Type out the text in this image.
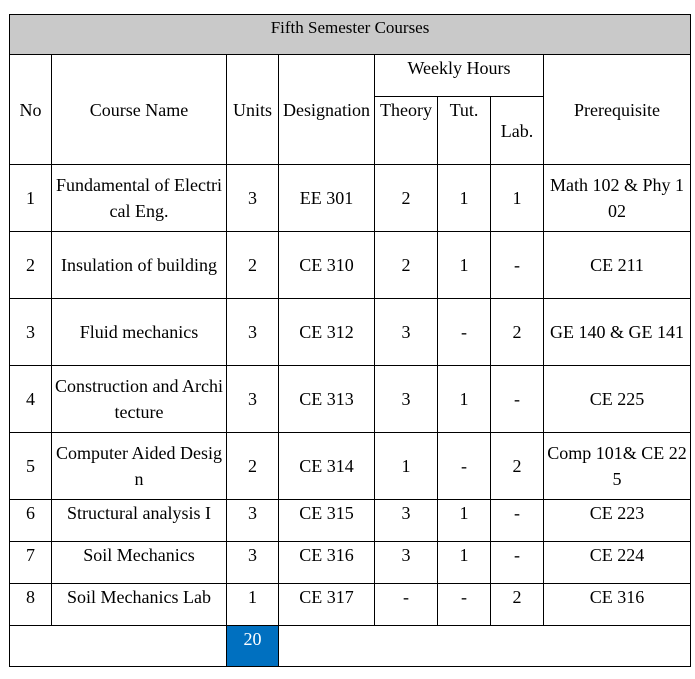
Fifth Semester Courses							
No	Course Name	Units	Designation	Weekly Hours			Prerequisite
				Theory	Tut.	Lab.	
1	Fundamental of Electrical Eng.	3	EE 301	2	1	1	Math 102 & Phy 102
2	Insulation of building	2	CE 310	2	1	-	CE 211
3	Fluid mechanics	3	CE 312	3	-	2	GE 140 & GE 141
4	Construction and Architecture	3	CE 313	3	1	-	CE 225
5	Computer Aided Design	2	CE 314	1	-	2	Comp 101& CE 225
6	Structural analysis I	3	CE 315	3	1	-	CE 223
7	Soil Mechanics	3	CE 316	3	1	-	CE 224
8	Soil Mechanics Lab	1	CE 317	-	-	2	CE 316
		20					
